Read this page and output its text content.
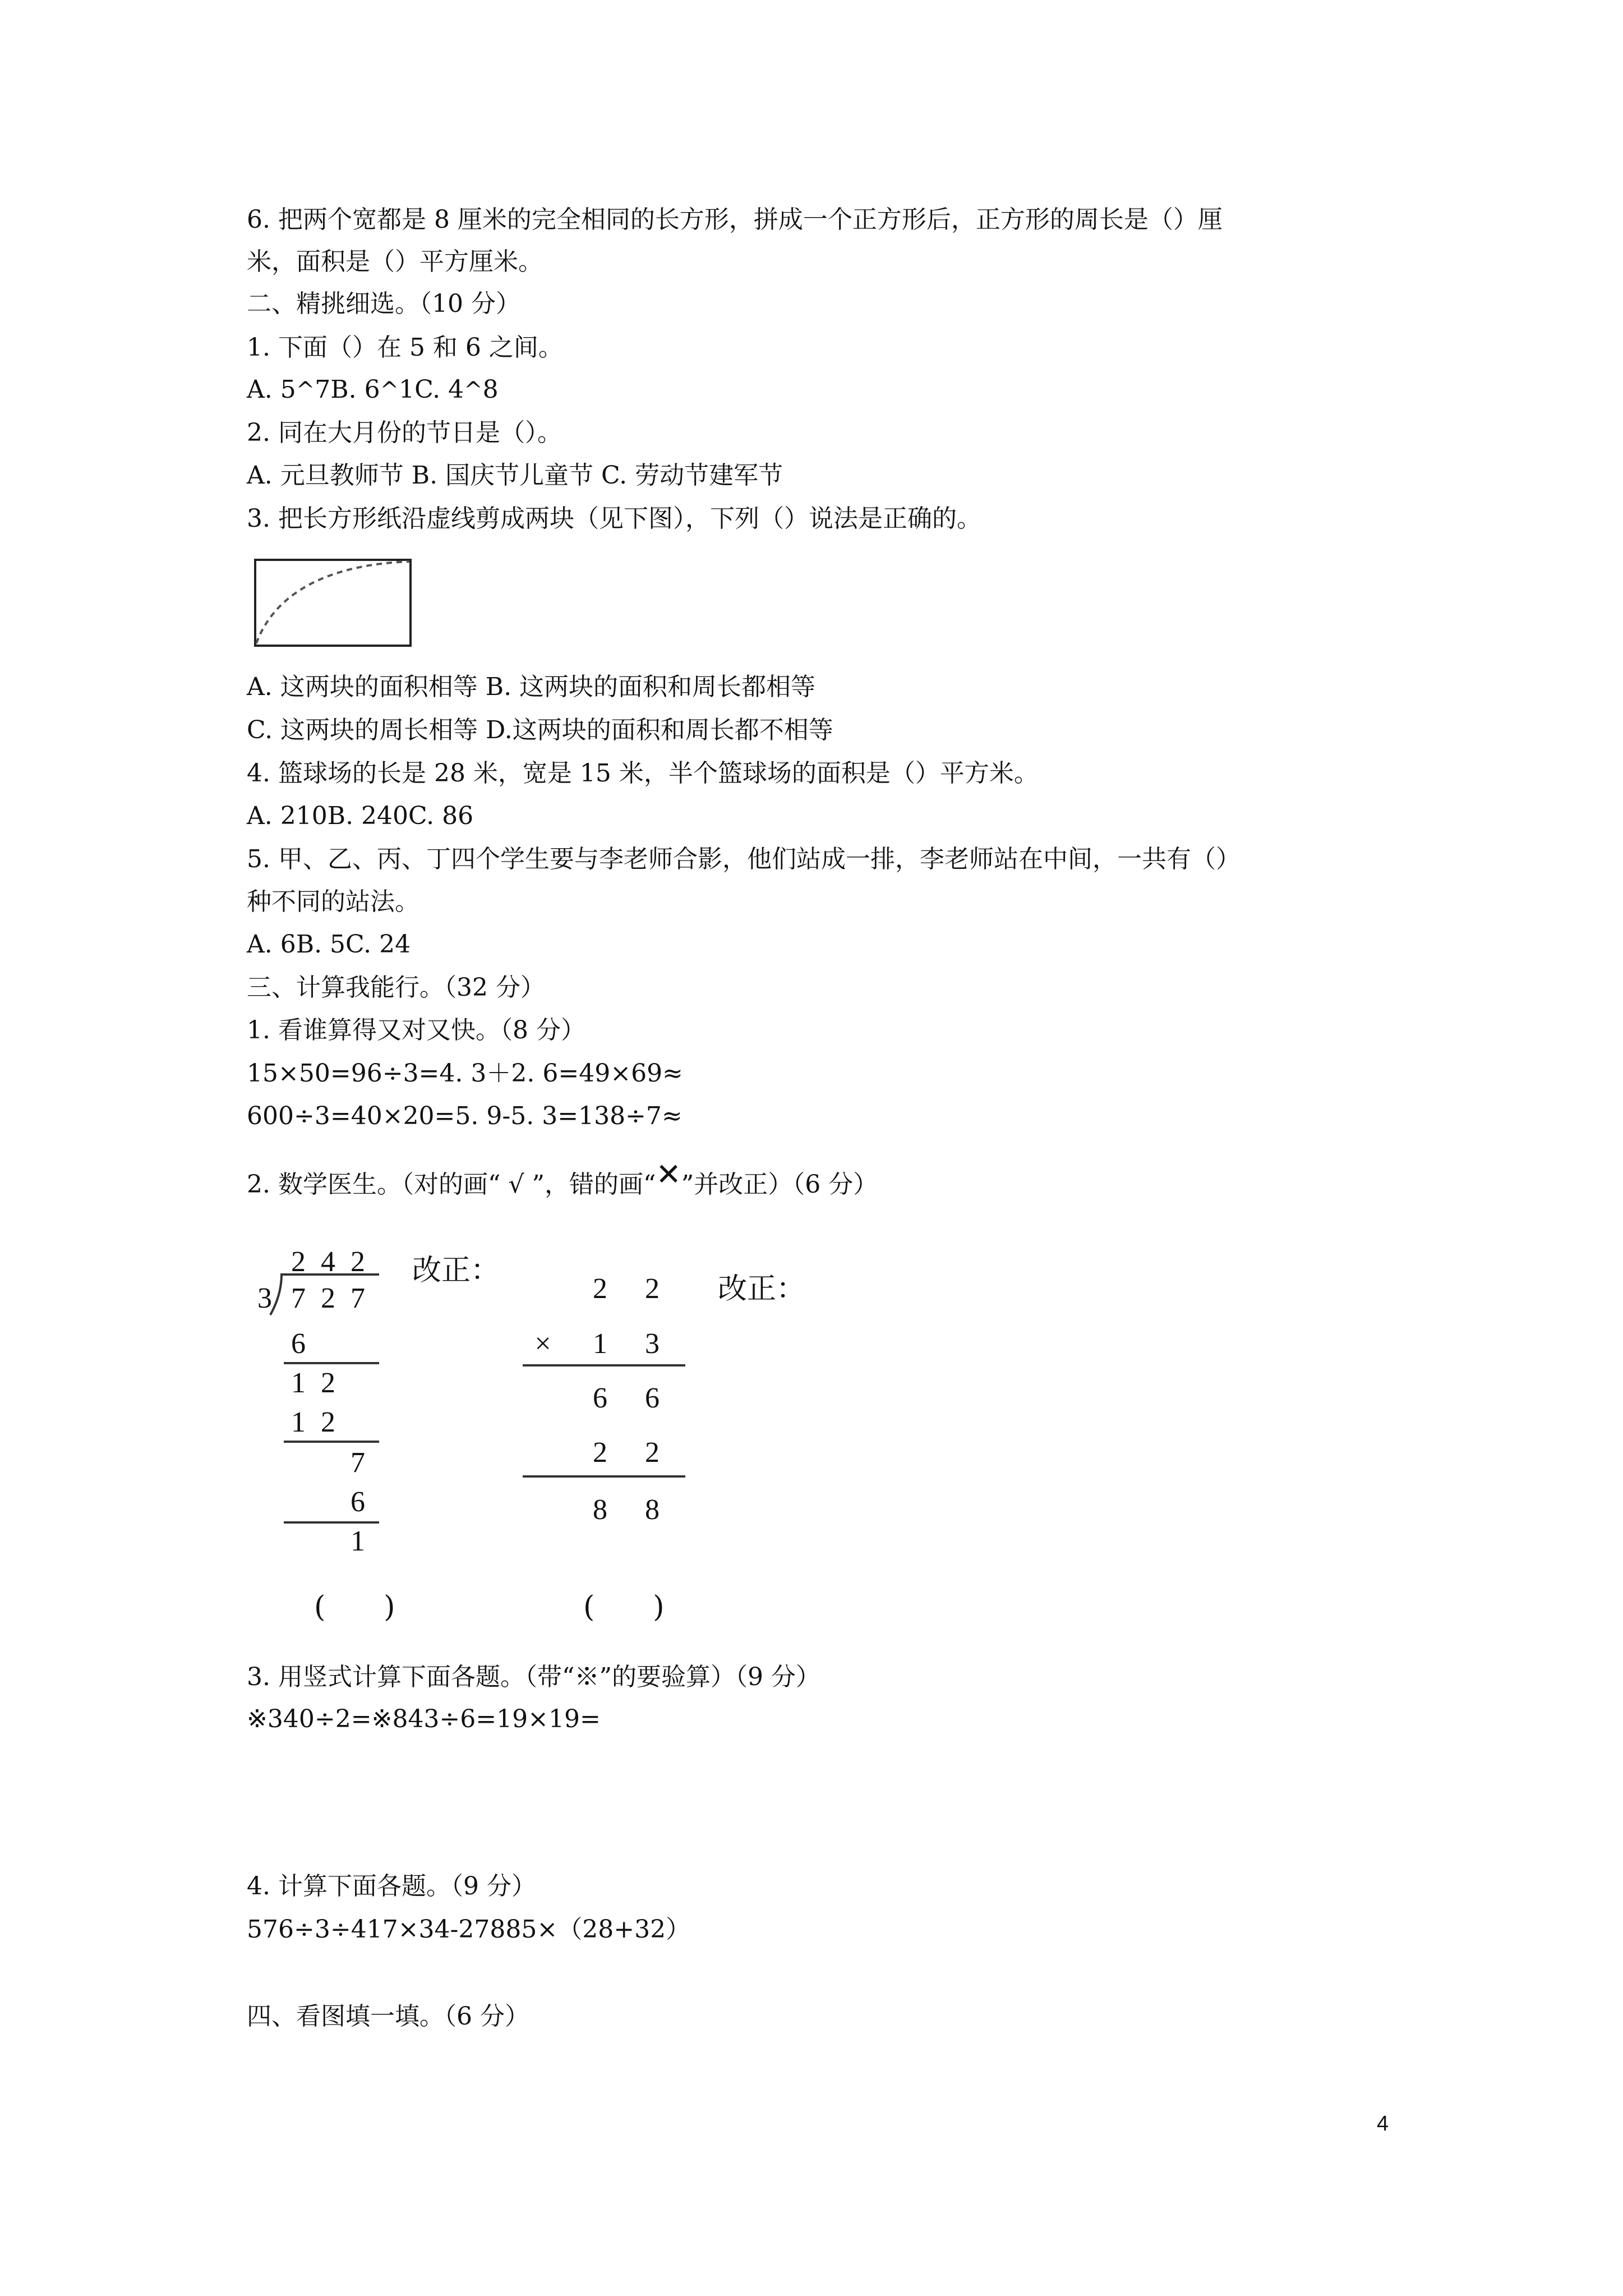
6. 把两个宽都是 8 厘米的完全相同的长方形，拼成一个正方形后，正方形的周长是（）厘
米，面积是（）平方厘米。
二、精挑细选。（10 分）
1. 下面（）在 5 和 6 之间。
A. 5^7B. 6^1C. 4^8
2. 同在大月份的节日是（）。
A. 元旦教师节 B. 国庆节儿童节 C. 劳动节建军节
3. 把长方形纸沿虚线剪成两块（见下图），下列（）说法是正确的。
A. 这两块的面积相等 B. 这两块的面积和周长都相等
C. 这两块的周长相等 D.这两块的面积和周长都不相等
4. 篮球场的长是 28 米，宽是 15 米，半个篮球场的面积是（）平方米。
A. 210B. 240C. 86
5. 甲、乙、丙、丁四个学生要与李老师合影，他们站成一排，李老师站在中间，一共有（）
种不同的站法。
A. 6B. 5C. 24
三、计算我能行。（32 分）
1. 看谁算得又对又快。（8 分）
15×50=96÷3=4. 3＋2. 6=49×69≈
600÷3=40×20=5. 9-5. 3=138÷7≈
2. 数学医生。（对的画“ √ ”，错的画“✕”并改正）（6 分）
2 4 2
3 7 2 7
6
1 2
1 2
7
6
1
改正：
(　　)
2 2
× 1 3
6 6
2 2
8 8
改正：
(　　)
3. 用竖式计算下面各题。（带“※”的要验算）（9 分）
※340÷2=※843÷6=19×19=
4. 计算下面各题。（9 分）
576÷3÷417×34-27885×（28+32）
四、看图填一填。（6 分）
4
